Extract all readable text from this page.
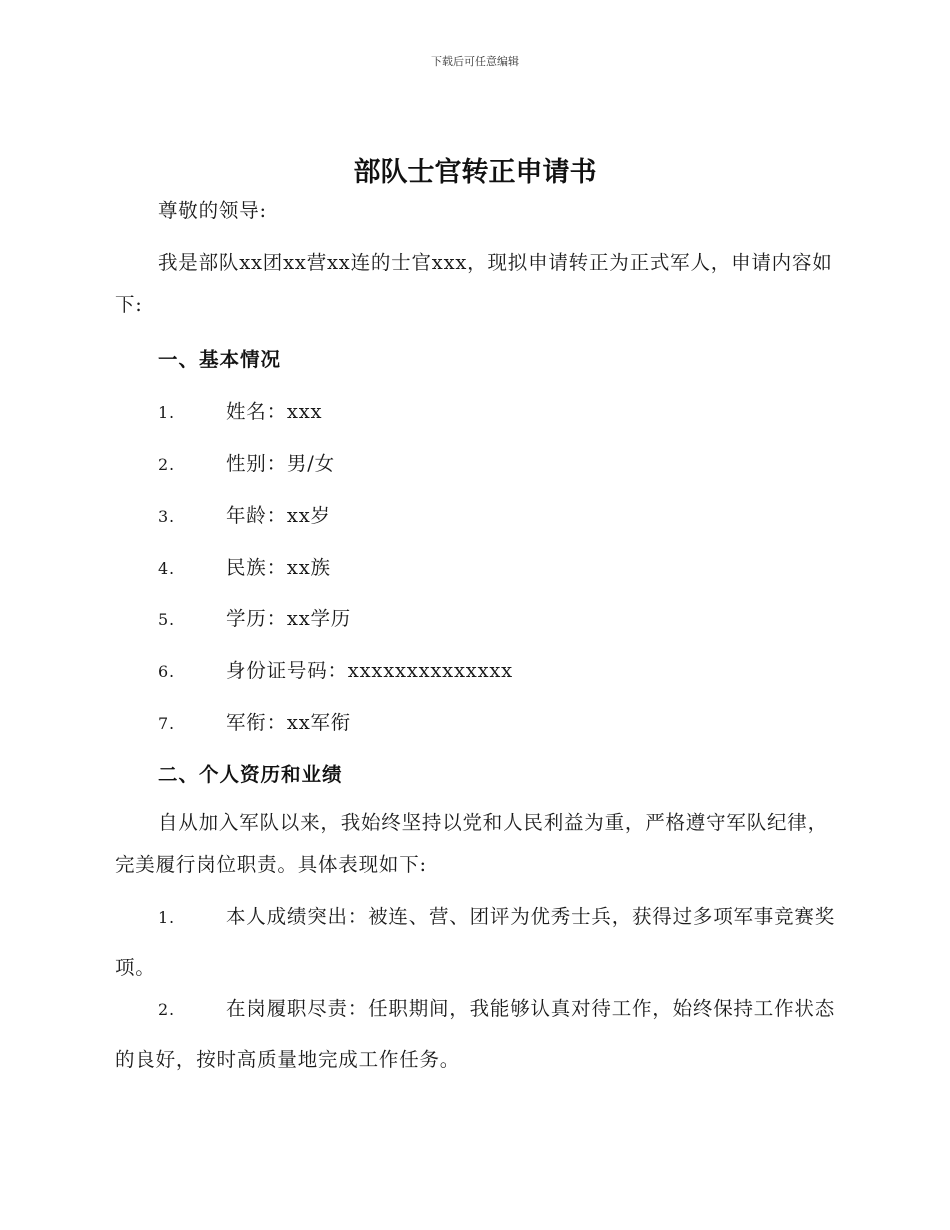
下载后可任意编辑
部队士官转正申请书
尊敬的领导:
我是部队xx团xx营xx连的士官xxx，现拟申请转正为正式军人，申请内容如下:
一、基本情况
1.	姓名：xxx
2.	性别：男/女
3.	年龄：xx岁
4.	民族：xx族
5.	学历：xx学历
6.	身份证号码：xxxxxxxxxxxxxx
7.	军衔：xx军衔
二、个人资历和业绩
自从加入军队以来，我始终坚持以党和人民利益为重，严格遵守军队纪律，完美履行岗位职责。具体表现如下:
1.	本人成绩突出：被连、营、团评为优秀士兵，获得过多项军事竞赛奖项。
2.	在岗履职尽责：任职期间，我能够认真对待工作，始终保持工作状态的良好，按时高质量地完成工作任务。
